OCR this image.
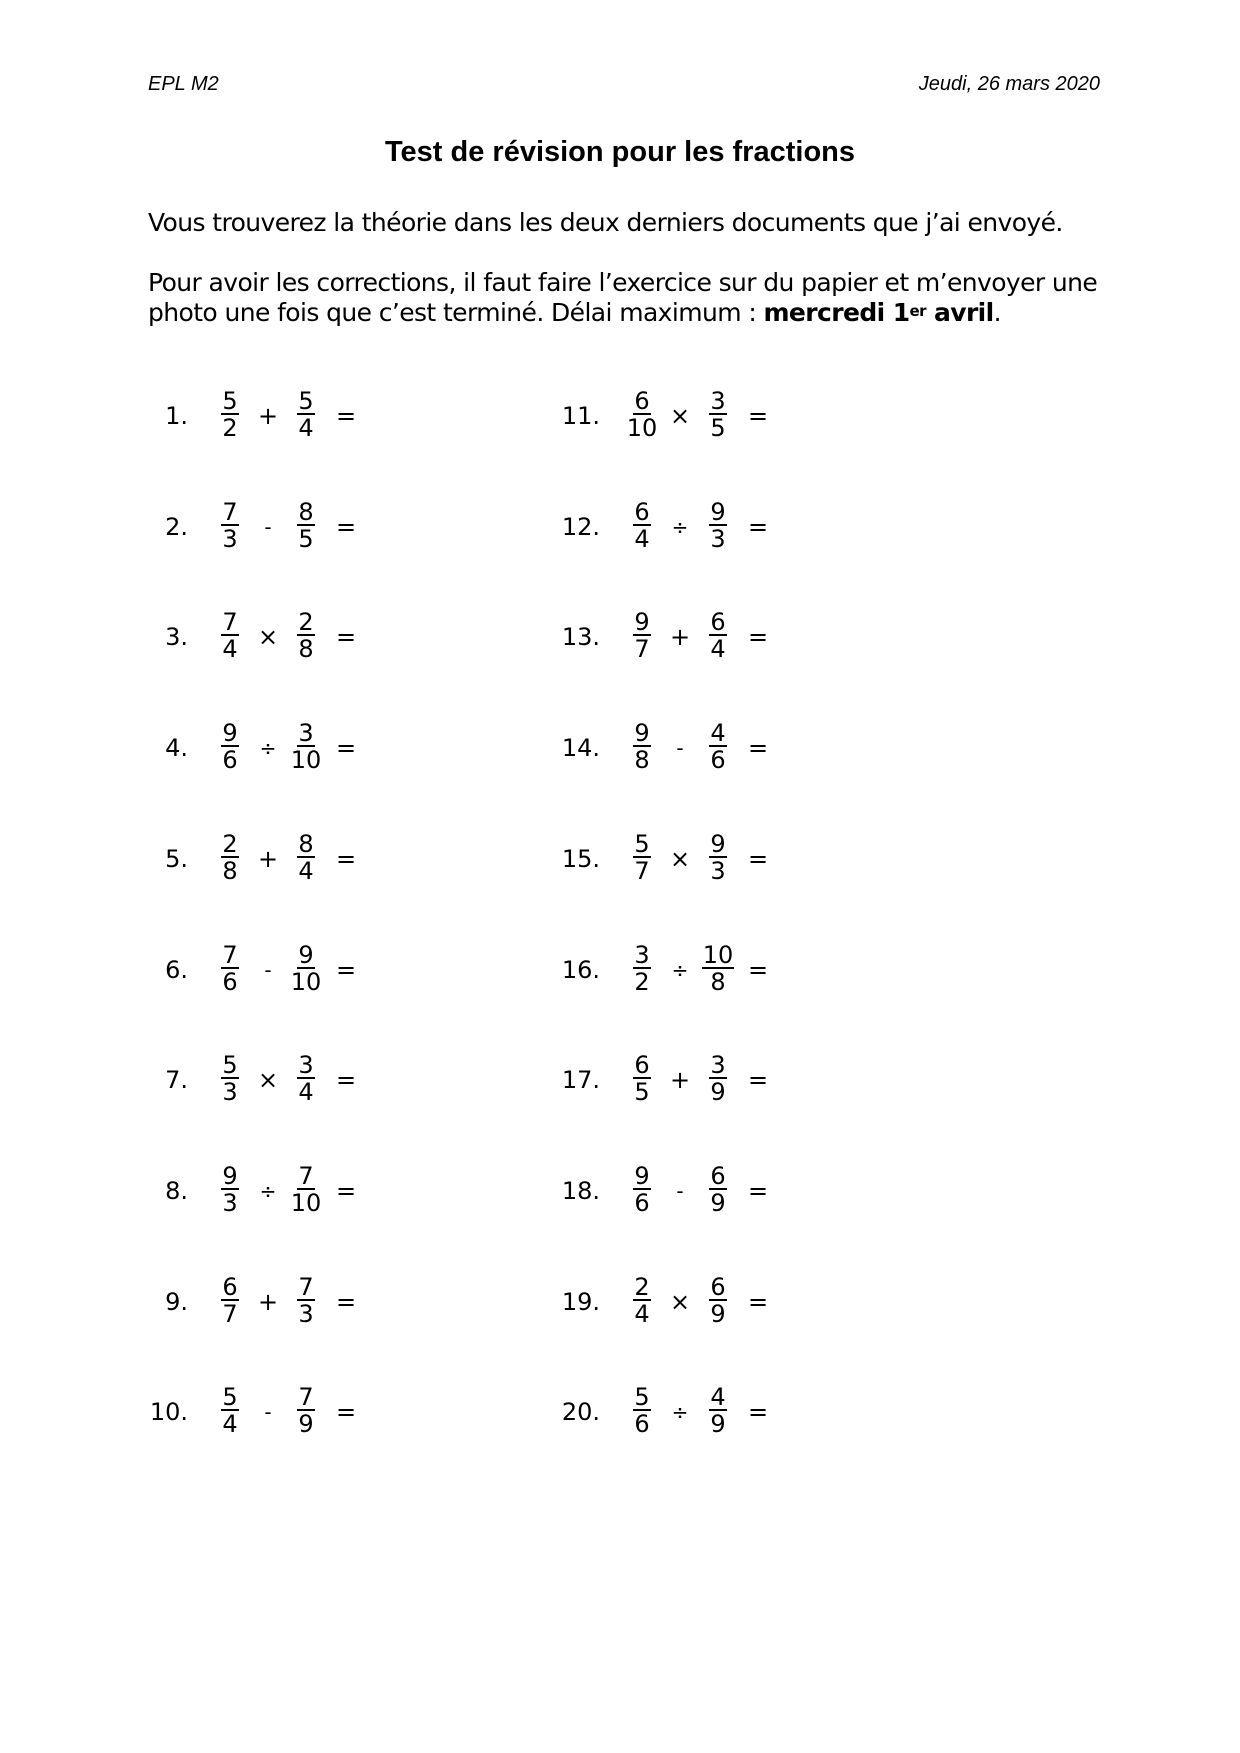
EPL M2	Jeudi, 26 mars 2020
Test de révision pour les fractions
Vous trouverez la théorie dans les deux derniers documents que j’ai envoyé.
Pour avoir les corrections, il faut faire l’exercice sur du papier et m’envoyer une photo une fois que c’est terminé. Délai maximum : mercredi 1er avril.
1. $\frac{5}{2} + \frac{5}{4}$ =
2. $\frac{7}{3} - \frac{8}{5}$ =
3. $\frac{7}{4} \times \frac{2}{8}$ =
4. $\frac{9}{6} \div \frac{3}{10}$ =
5. $\frac{2}{8} + \frac{8}{4}$ =
6. $\frac{7}{6} - \frac{9}{10}$ =
7. $\frac{5}{3} \times \frac{3}{4}$ =
8. $\frac{9}{3} \div \frac{7}{10}$ =
9. $\frac{6}{7} + \frac{7}{3}$ =
10. $\frac{5}{4} - \frac{7}{9}$ =
11. $\frac{6}{10} \times \frac{3}{5}$ =
12. $\frac{6}{4} \div \frac{9}{3}$ =
13. $\frac{9}{7} + \frac{6}{4}$ =
14. $\frac{9}{8} - \frac{4}{6}$ =
15. $\frac{5}{7} \times \frac{9}{3}$ =
16. $\frac{3}{2} \div \frac{10}{8}$ =
17. $\frac{6}{5} + \frac{3}{9}$ =
18. $\frac{9}{6} - \frac{6}{9}$ =
19. $\frac{2}{4} \times \frac{6}{9}$ =
20. $\frac{5}{6} \div \frac{4}{9}$ =
